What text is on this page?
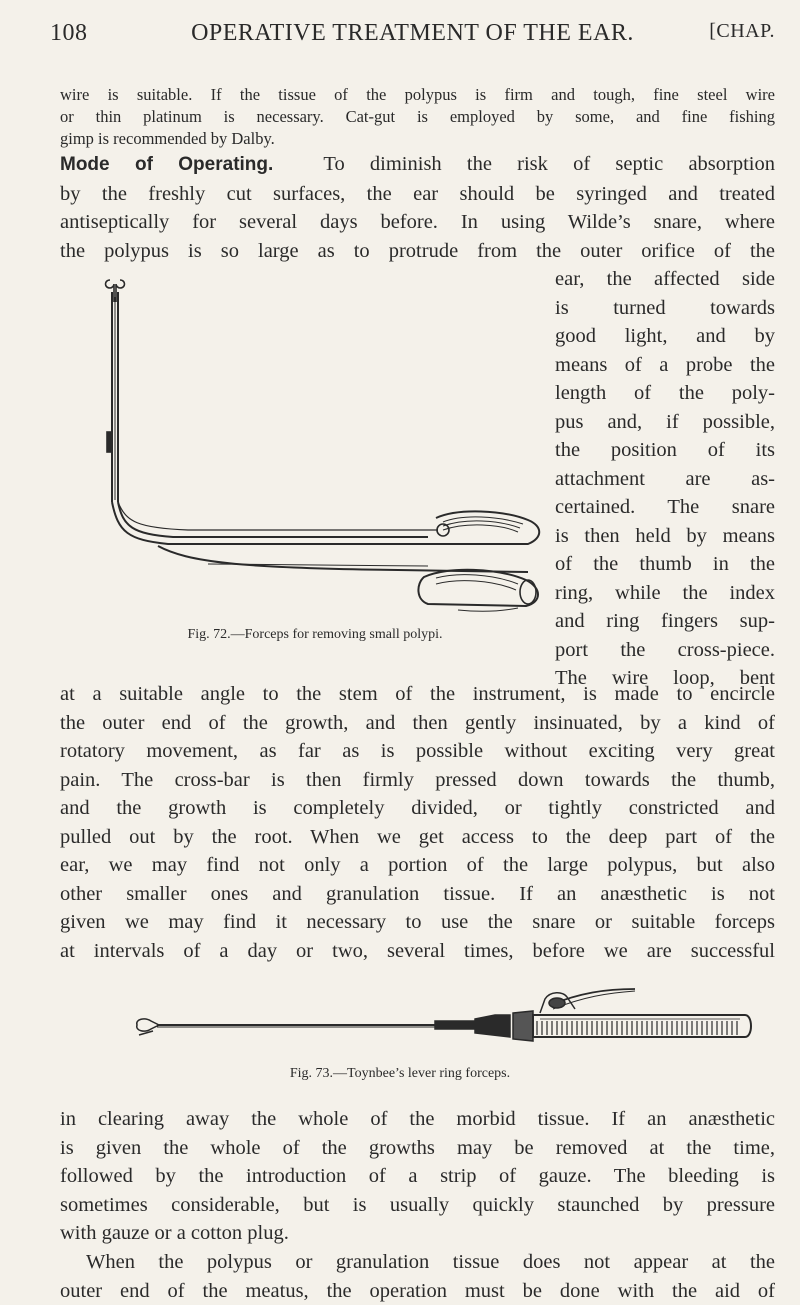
108	OPERATIVE TREATMENT OF THE EAR.	[CHAP.
wire is suitable. If the tissue of the polypus is firm and tough, fine steel wire
or thin platinum is necessary. Cat-gut is employed by some, and fine fishing
gimp is recommended by Dalby.
Mode of Operating. To diminish the risk of septic absorption
by the freshly cut surfaces, the ear should be syringed and treated
antiseptically for several days before. In using Wilde’s snare, where
the polypus is so large as to protrude from the outer orifice of the
ear, the affected side
is turned towards
good light, and by
means of a probe the
length of the poly-
pus and, if possible,
the position of its
attachment are as-
certained. The snare
is then held by means
of the thumb in the
ring, while the index
and ring fingers sup-
port the cross-piece.
The wire loop, bent
Fig. 72.—Forceps for removing small polypi.
at a suitable angle to the stem of the instrument, is made to encircle
the outer end of the growth, and then gently insinuated, by a kind of
rotatory movement, as far as is possible without exciting very great
pain. The cross-bar is then firmly pressed down towards the thumb,
and the growth is completely divided, or tightly constricted and
pulled out by the root. When we get access to the deep part of the
ear, we may find not only a portion of the large polypus, but also
other smaller ones and granulation tissue. If an anæsthetic is not
given we may find it necessary to use the snare or suitable forceps
at intervals of a day or two, several times, before we are successful
Fig. 73.—Toynbee’s lever ring forceps.
in clearing away the whole of the morbid tissue. If an anæsthetic
is given the whole of the growths may be removed at the time,
followed by the introduction of a strip of gauze. The bleeding is
sometimes considerable, but is usually quickly staunched by pressure
with gauze or a cotton plug.
When the polypus or granulation tissue does not appear at the
outer end of the meatus, the operation must be done with the aid of
